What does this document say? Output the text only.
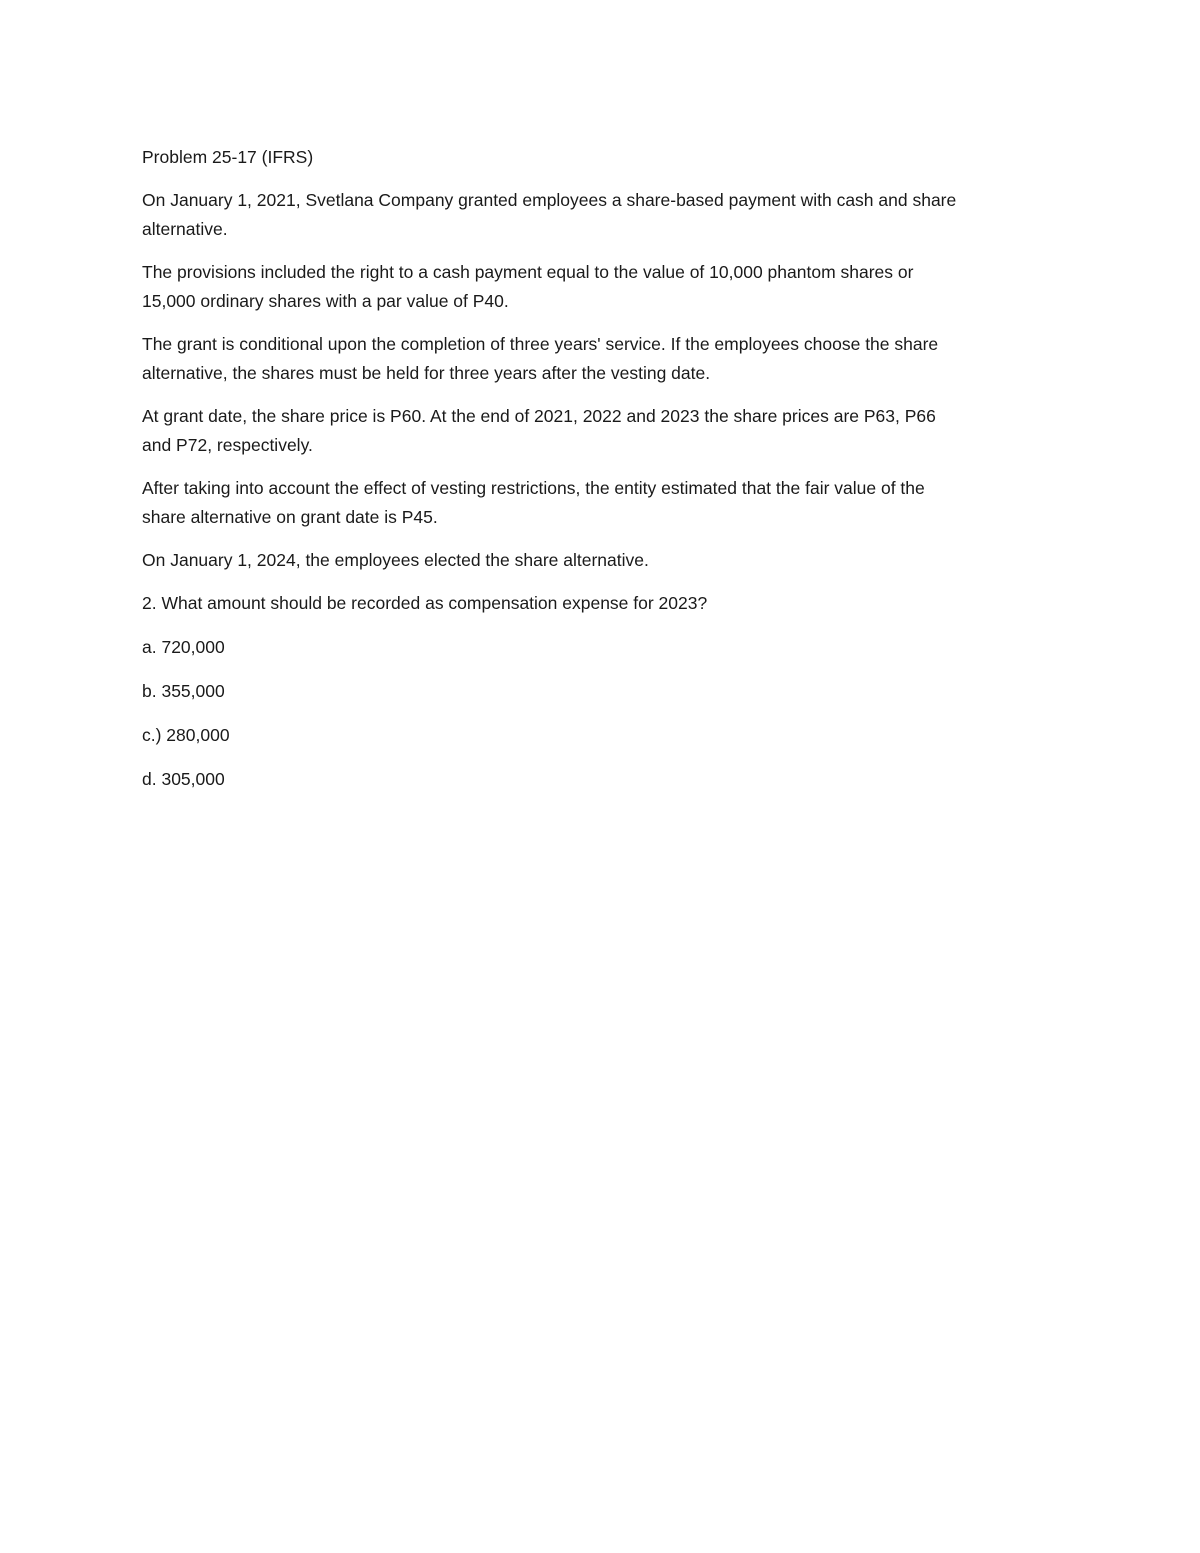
Problem 25-17 (IFRS)

On January 1, 2021, Svetlana Company granted employees a share-based payment with cash and share

alternative.

The provisions included the right to a cash payment equal to the value of 10,000 phantom shares or

15,000 ordinary shares with a par value of P40.

The grant is conditional upon the completion of three years' service. If the employees choose the share

alternative, the shares must be held for three years after the vesting date.

At grant date, the share price is P60. At the end of 2021, 2022 and 2023 the share prices are P63, P66

and P72, respectively.

After taking into account the effect of vesting restrictions, the entity estimated that the fair value of the

share alternative on grant date is P45.

On January 1, 2024, the employees elected the share alternative.

2. What amount should be recorded as compensation expense for 2023?

a. 720,000

b. 355,000

c.) 280,000

d. 305,000
